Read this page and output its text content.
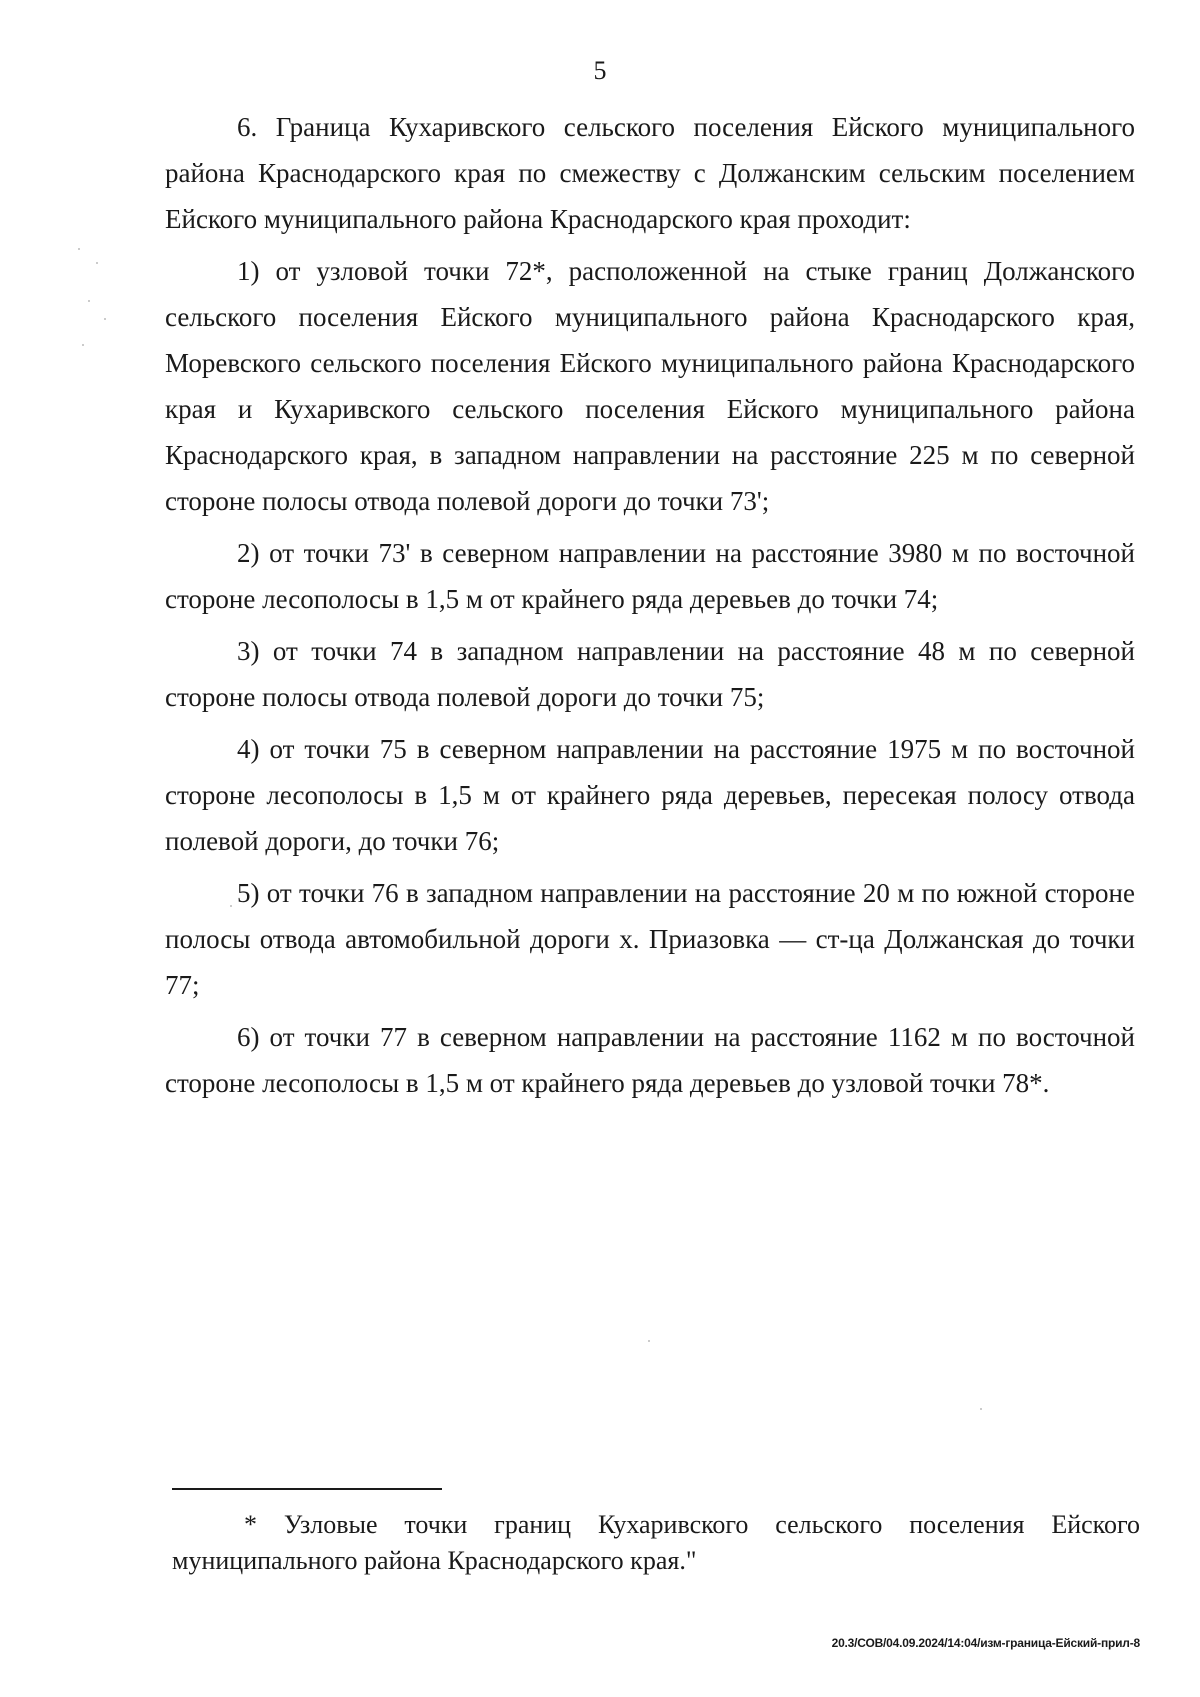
5

6. Граница Кухаривского сельского поселения Ейского муниципального района Краснодарского края по смежеству с Должанским сельским поселением Ейского муниципального района Краснодарского края проходит:

1) от узловой точки 72*, расположенной на стыке границ Должанского сельского поселения Ейского муниципального района Краснодарского края, Моревского сельского поселения Ейского муниципального района Краснодарского края и Кухаривского сельского поселения Ейского муниципального района Краснодарского края, в западном направлении на расстояние 225 м по северной стороне полосы отвода полевой дороги до точки 73';

2) от точки 73' в северном направлении на расстояние 3980 м по восточной стороне лесополосы в 1,5 м от крайнего ряда деревьев до точки 74;

3) от точки 74 в западном направлении на расстояние 48 м по северной стороне полосы отвода полевой дороги до точки 75;

4) от точки 75 в северном направлении на расстояние 1975 м по восточной стороне лесополосы в 1,5 м от крайнего ряда деревьев, пересекая полосу отвода полевой дороги, до точки 76;

5) от точки 76 в западном направлении на расстояние 20 м по южной стороне полосы отвода автомобильной дороги х. Приазовка — ст-ца Должанская до точки 77;

6) от точки 77 в северном направлении на расстояние 1162 м по восточной стороне лесополосы в 1,5 м от крайнего ряда деревьев до узловой точки 78*.

* Узловые точки границ Кухаривского сельского поселения Ейского муниципального района Краснодарского края."
20.3/СОВ/04.09.2024/14:04/изм-граница-Ейский-прил-8
